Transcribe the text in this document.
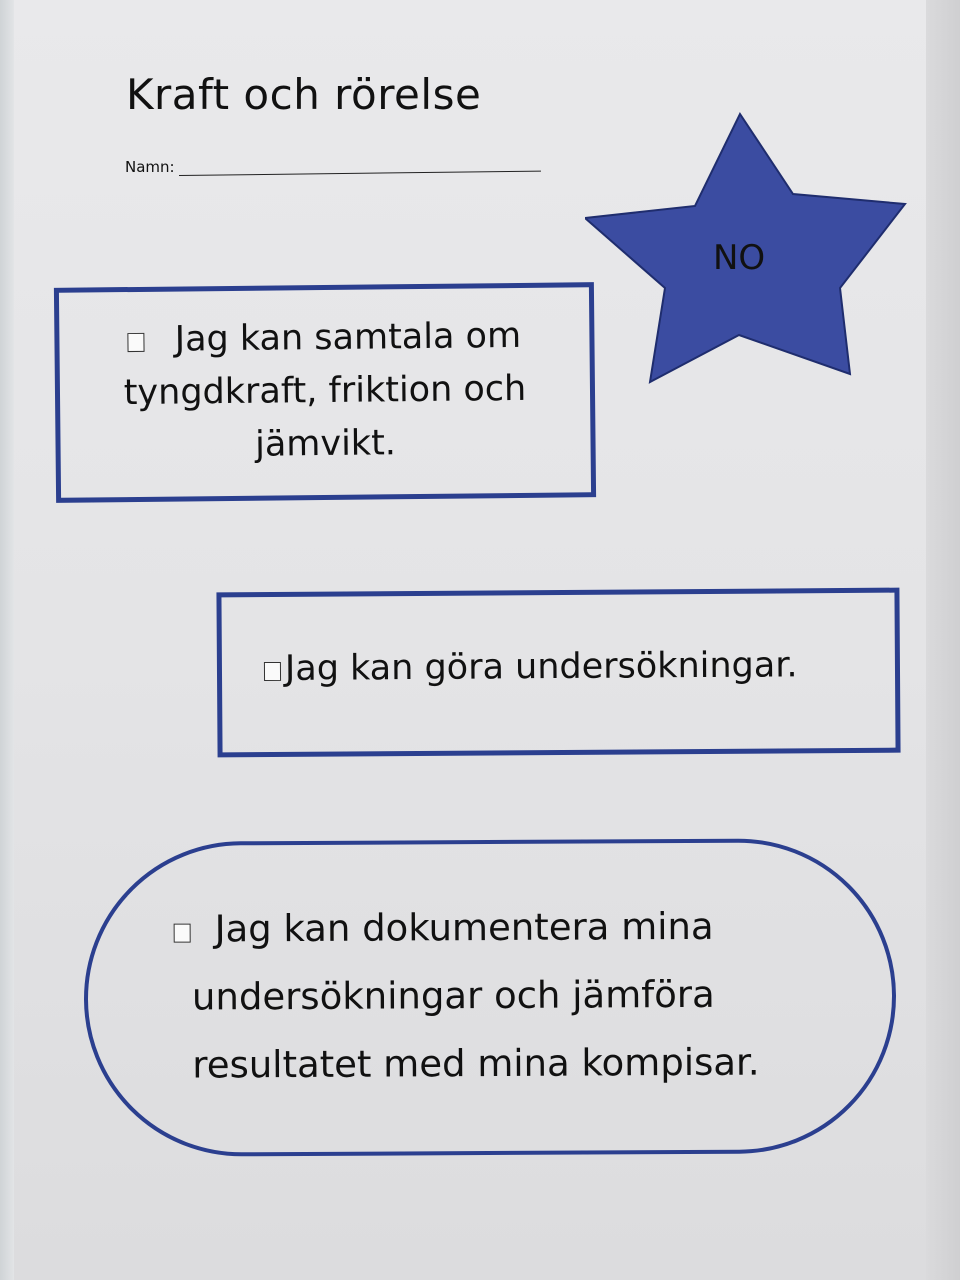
Kraft och rörelse
Namn:
NO
Jag kan samtala om
tyngdkraft, friktion och
jämvikt.
Jag kan göra undersökningar.
Jag kan dokumentera mina
undersökningar och jämföra
resultatet med mina kompisar.
